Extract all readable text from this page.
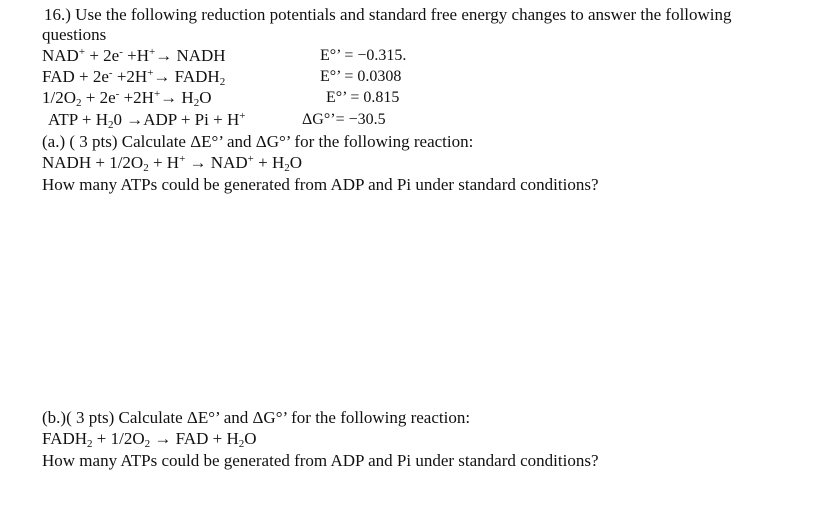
16.) Use the following reduction potentials and standard free energy changes to answer the following
questions
NAD+ + 2e- +H+→ NADH	E°’ = −0.315.
FAD + $2e^- +2H^+\to FADH_2$	E°’ = 0.0308
$1/2O_2 + 2e^- +2H^+\to H_2O$	E°’ = 0.815
ATP + $H_20 \to ADP + Pi + H^+$	ΔG°’= −30.5
(a.) ( 3 pts) Calculate ΔE°’ and ΔG°’ for the following reaction:
NADH + $1/2O_2 + H^+ \to NAD^+ + H_2O$
How many ATPs could be generated from ADP and Pi under standard conditions?
(b.)( 3 pts) Calculate ΔE°’ and ΔG°’ for the following reaction:
$FADH_2 + 1/2O_2$ → FAD + $H_2O$
How many ATPs could be generated from ADP and Pi under standard conditions?
